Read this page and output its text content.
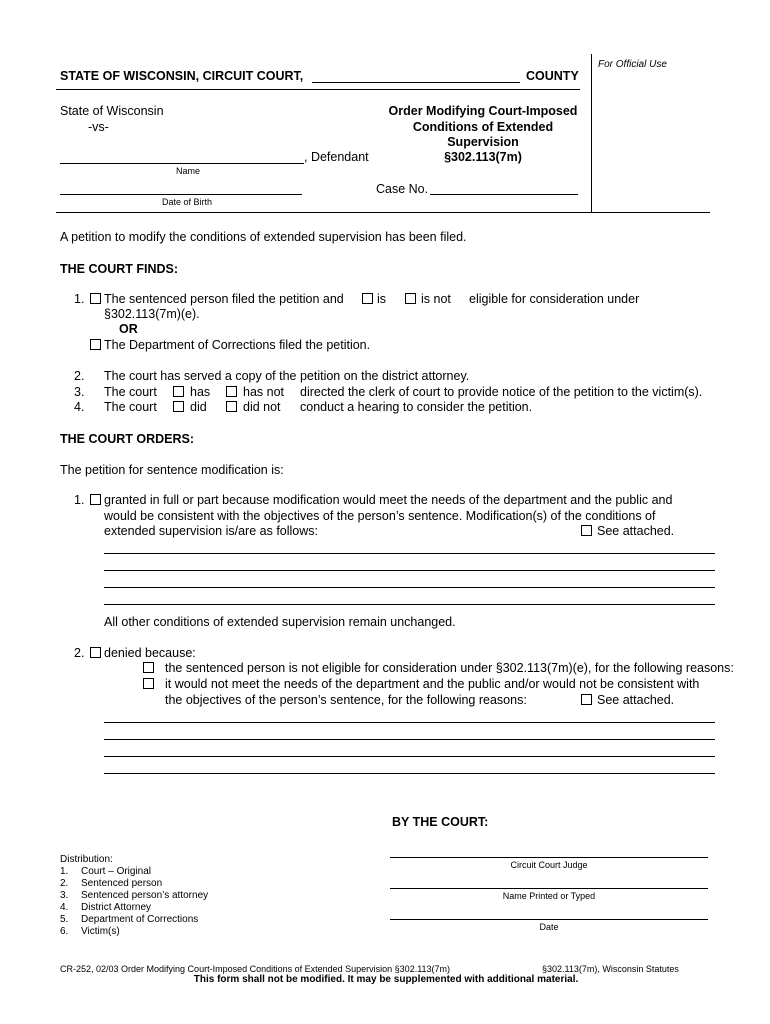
For Official Use
STATE OF WISCONSIN, CIRCUIT COURT,	COUNTY
State of Wisconsin
-vs-
, Defendant
Name
Date of Birth
Order Modifying Court-Imposed
Conditions of Extended
Supervision
§302.113(7m)
Case No.
A petition to modify the conditions of extended supervision has been filed.
THE COURT FINDS:
1. The sentenced person filed the petition and	is	is not eligible for consideration under
§302.113(7m)(e).
OR
The Department of Corrections filed the petition.
2. The court has served a copy of the petition on the district attorney.
3. The court	has	has not directed the clerk of court to provide notice of the petition to the victim(s).
4. The court	did	did not conduct a hearing to consider the petition.
THE COURT ORDERS:
The petition for sentence modification is:
1. granted in full or part because modification would meet the needs of the department and the public and
would be consistent with the objectives of the person’s sentence. Modification(s) of the conditions of
extended supervision is/are as follows:	See attached.
All other conditions of extended supervision remain unchanged.
2. denied because:
the sentenced person is not eligible for consideration under §302.113(7m)(e), for the following reasons:
it would not meet the needs of the department and the public and/or would not be consistent with
the objectives of the person’s sentence, for the following reasons:	See attached.
BY THE COURT:
Circuit Court Judge
Name Printed or Typed
Date
Distribution:
1. Court – Original
2. Sentenced person
3. Sentenced person’s attorney
4. District Attorney
5. Department of Corrections
6. Victim(s)
CR-252, 02/03 Order Modifying Court-Imposed Conditions of Extended Supervision §302.113(7m)	§302.113(7m), Wisconsin Statutes
This form shall not be modified. It may be supplemented with additional material.
